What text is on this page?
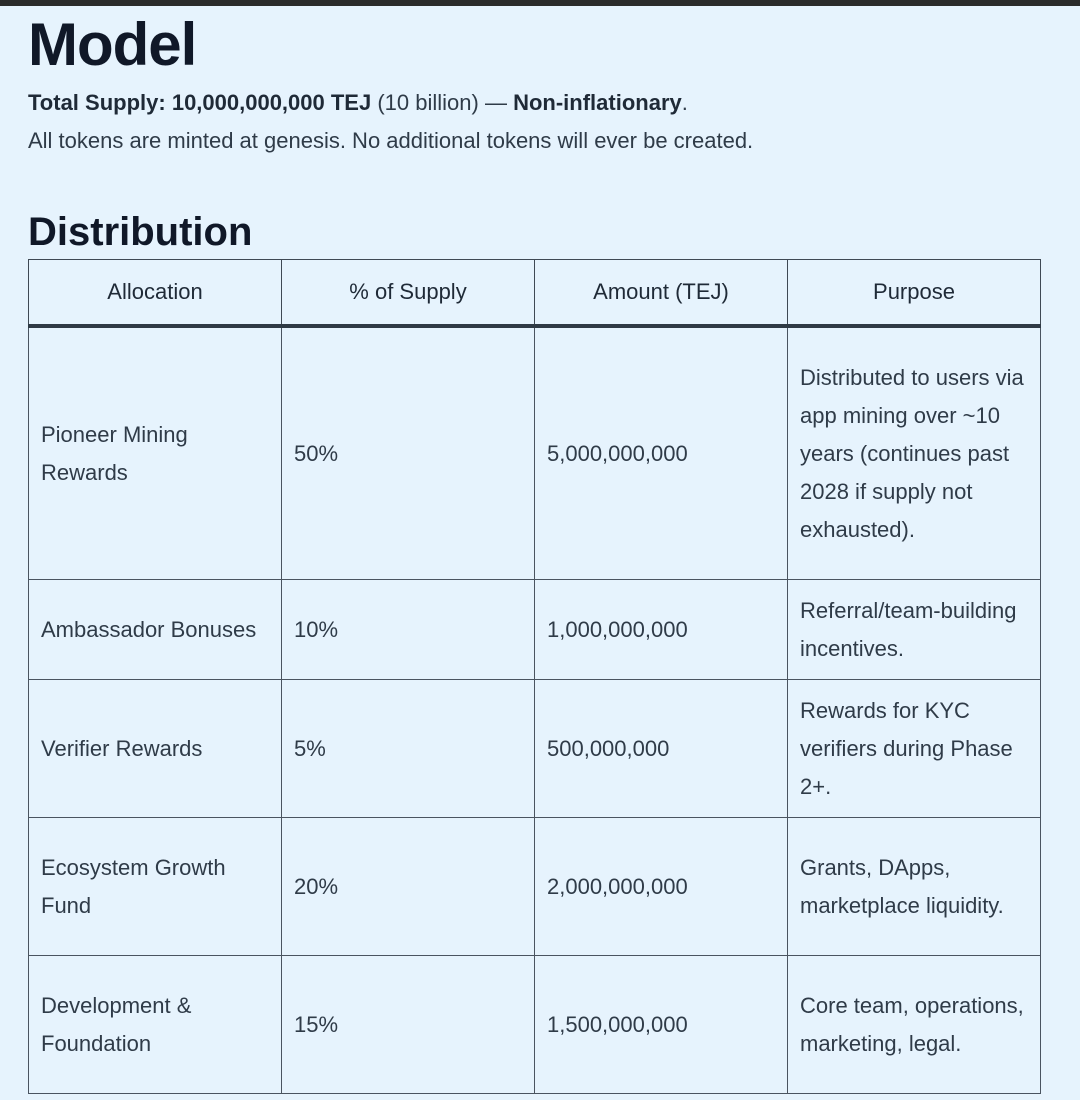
Model
Total Supply: 10,000,000,000 TEJ (10 billion) — Non-inflationary.
All tokens are minted at genesis. No additional tokens will ever be created.
Distribution
Allocation	% of Supply	Amount (TEJ)	Purpose
Pioneer Mining Rewards	50%	5,000,000,000	Distributed to users via app mining over ~10 years (continues past 2028 if supply not exhausted).
Ambassador Bonuses	10%	1,000,000,000	Referral/team-building incentives.
Verifier Rewards	5%	500,000,000	Rewards for KYC verifiers during Phase 2+.
Ecosystem Growth Fund	20%	2,000,000,000	Grants, DApps, marketplace liquidity.
Development & Foundation	15%	1,500,000,000	Core team, operations, marketing, legal.
